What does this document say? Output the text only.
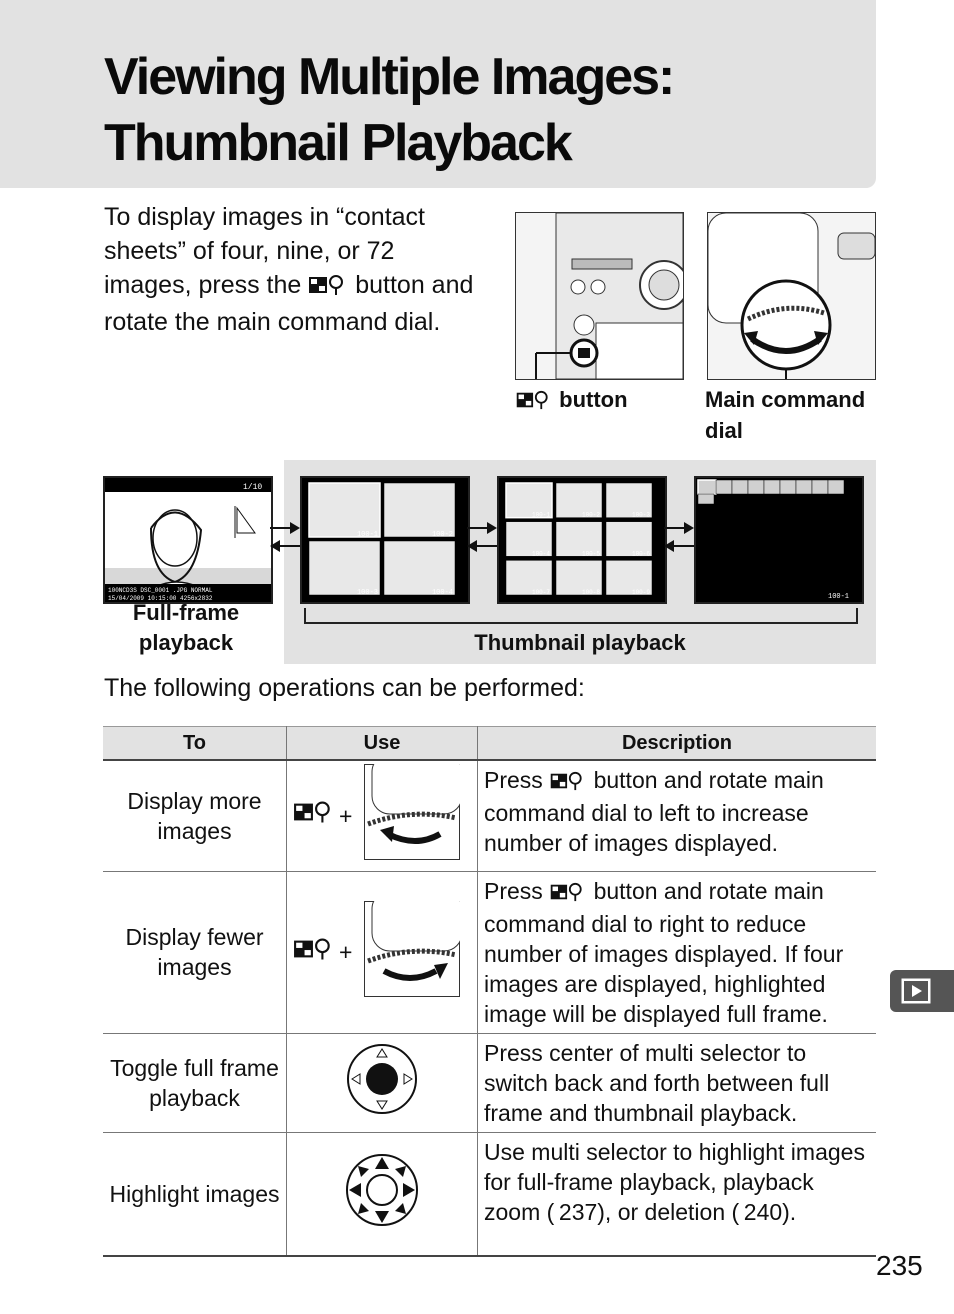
Viewing Multiple Images:
Thumbnail Playback
To display images in “contact sheets” of four, nine, or 72 images, press the button and rotate the main command dial.
button	Main command dial
1/10
100NCD3S DSC_0001 .JPG NORMAL
15/04/2009 10:15:00 4256x2832
100-1	100-2
100-3	100-4
100-1	100-2	100-3
100-4	100-5	100-6
100-7	100-8	100-9
100-1
Full-frame playback	Thumbnail playback
The following operations can be performed:
To	Use	Description
Display more images	+	Press button and rotate main command dial to left to increase number of images displayed.
Display fewer images	+	Press button and rotate main command dial to right to reduce number of images displayed. If four images are displayed, highlighted image will be displayed full frame.
Toggle full frame playback		Press center of multi selector to switch back and forth between full frame and thumbnail playback.
Highlight images		Use multi selector to highlight images for full-frame playback, playback zoom ( 237), or deletion ( 240).
235
